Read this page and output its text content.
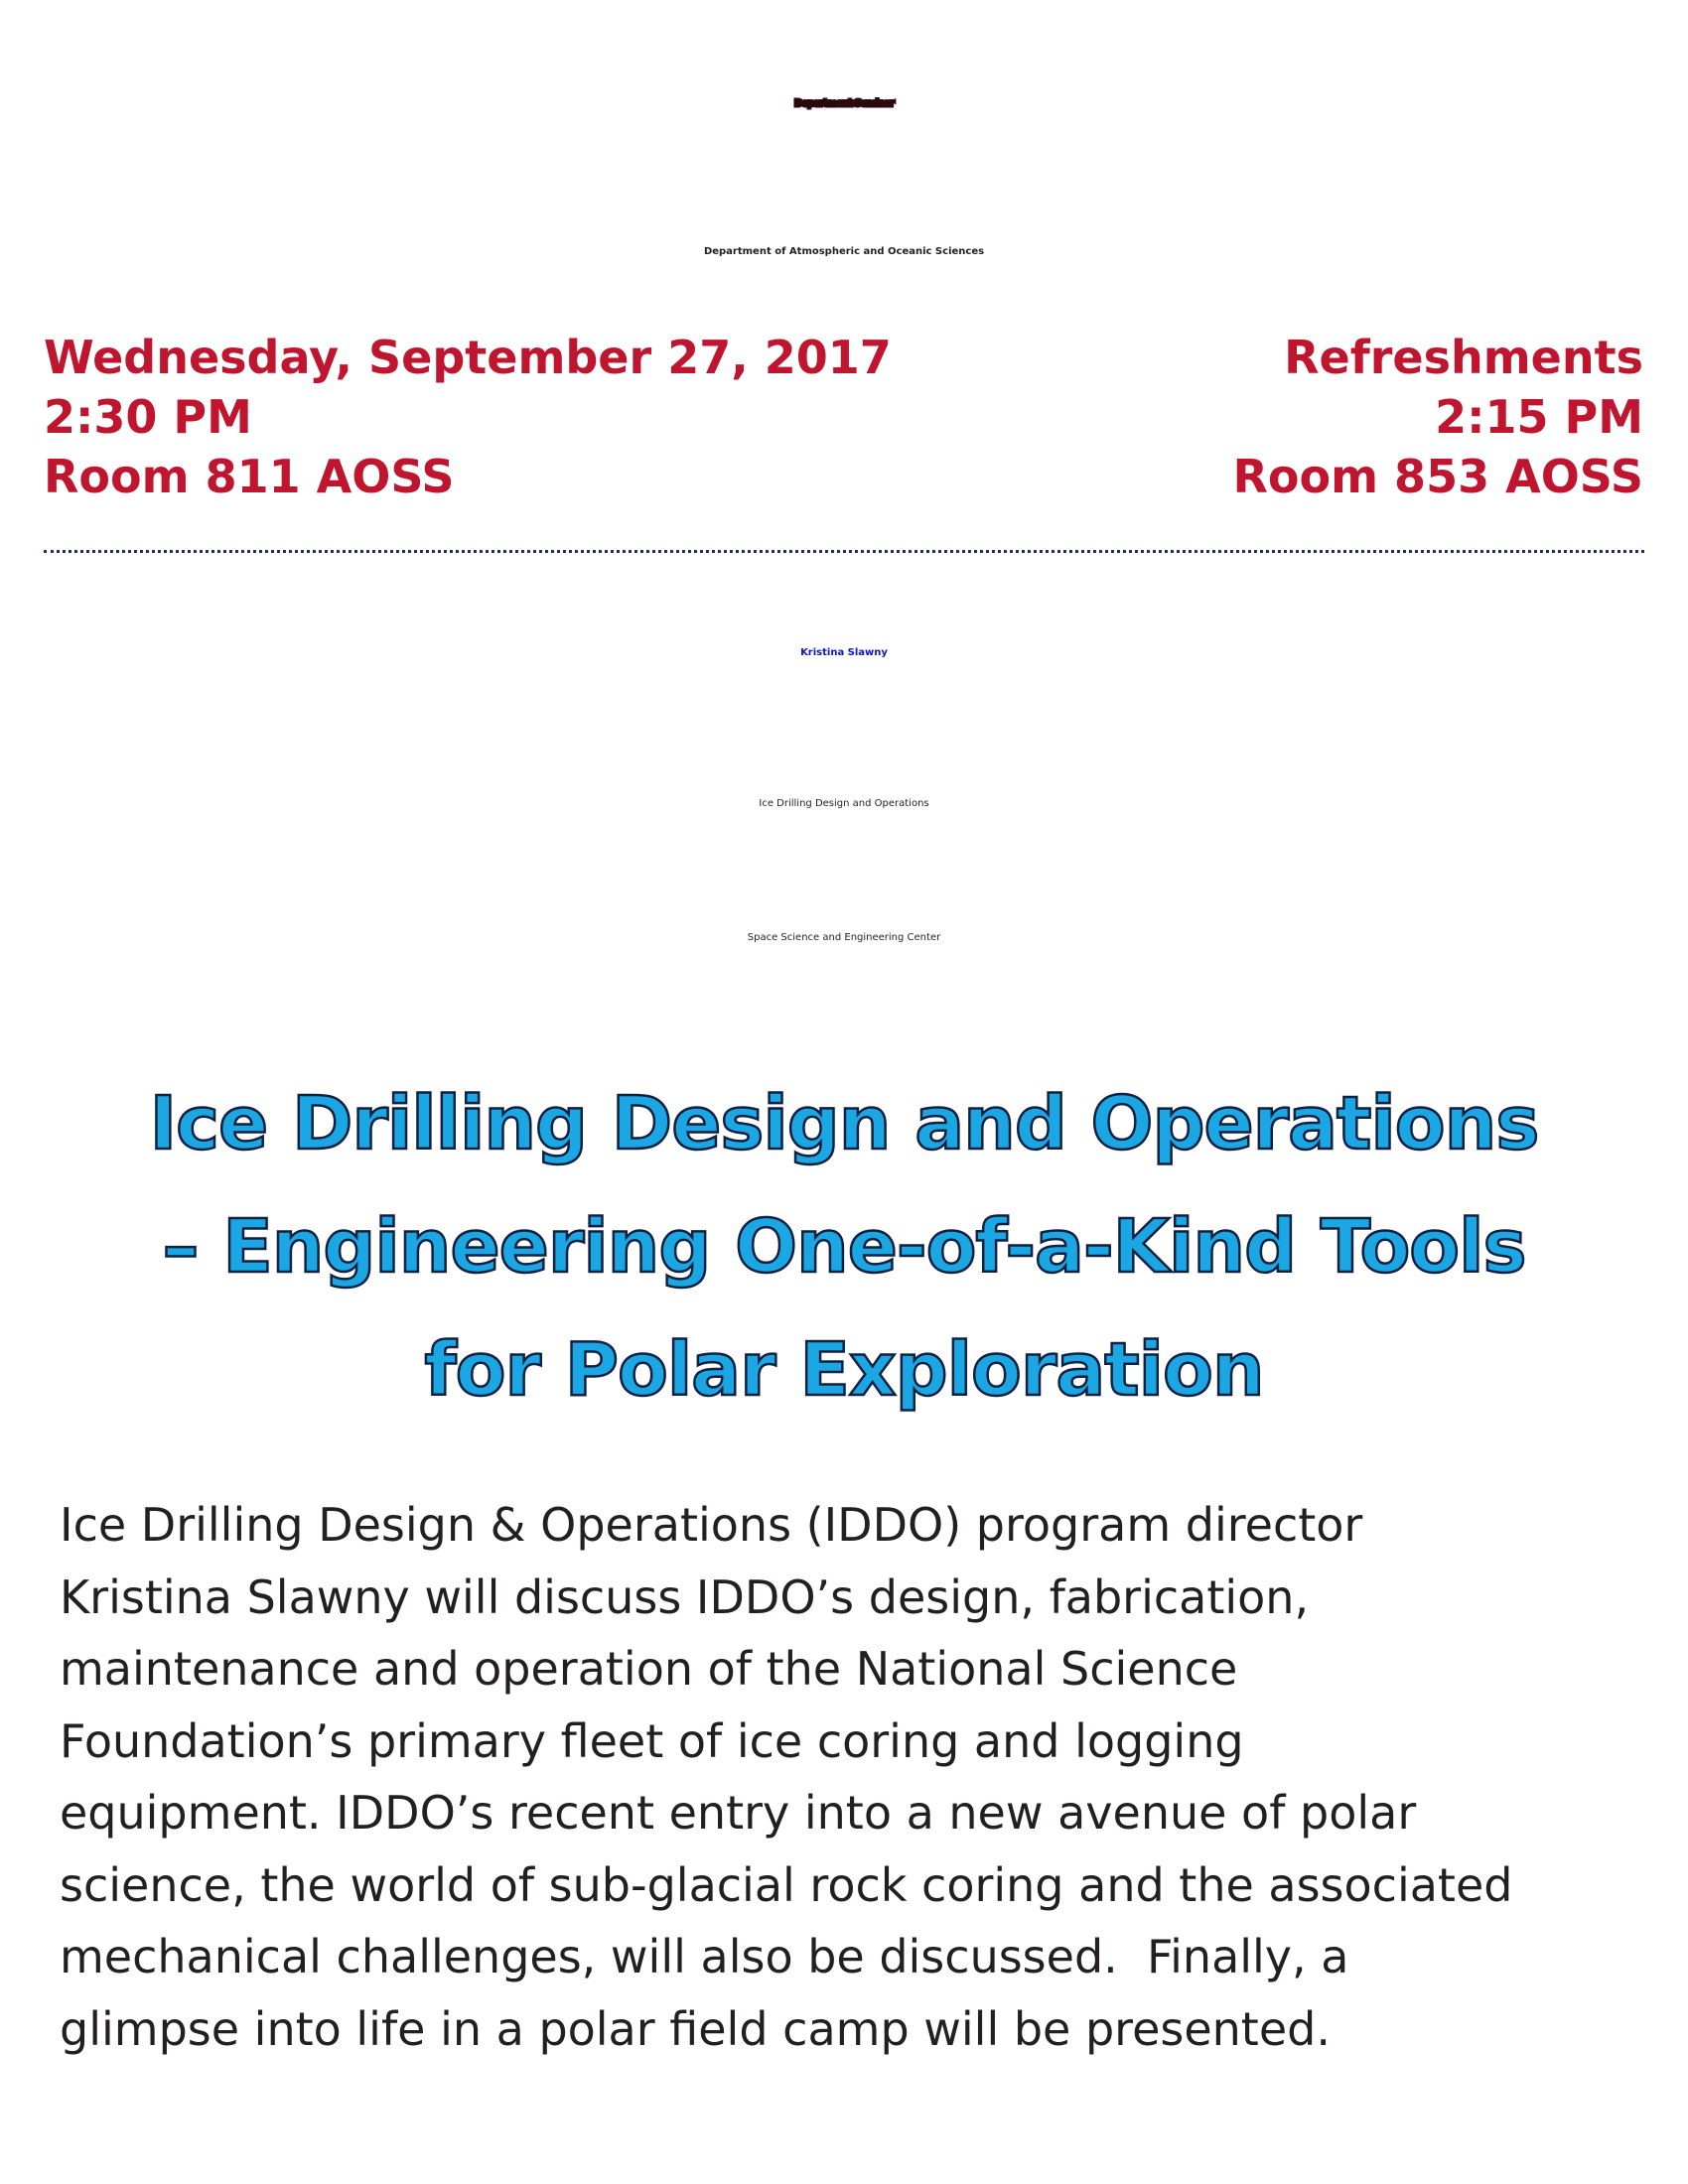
Department Seminar
Department of Atmospheric and Oceanic Sciences
Wednesday, September 27, 2017
2:30 PM
Room 811 AOSS
Refreshments
2:15 PM
Room 853 AOSS
Kristina Slawny
Ice Drilling Design and Operations
Space Science and Engineering Center
Ice Drilling Design and Operations
– Engineering One-of-a-Kind Tools
for Polar Exploration
Ice Drilling Design & Operations (IDDO) program director
Kristina Slawny will discuss IDDO’s design, fabrication,
maintenance and operation of the National Science
Foundation’s primary fleet of ice coring and logging
equipment. IDDO’s recent entry into a new avenue of polar
science, the world of sub-glacial rock coring and the associated
mechanical challenges, will also be discussed.  Finally, a
glimpse into life in a polar field camp will be presented.
